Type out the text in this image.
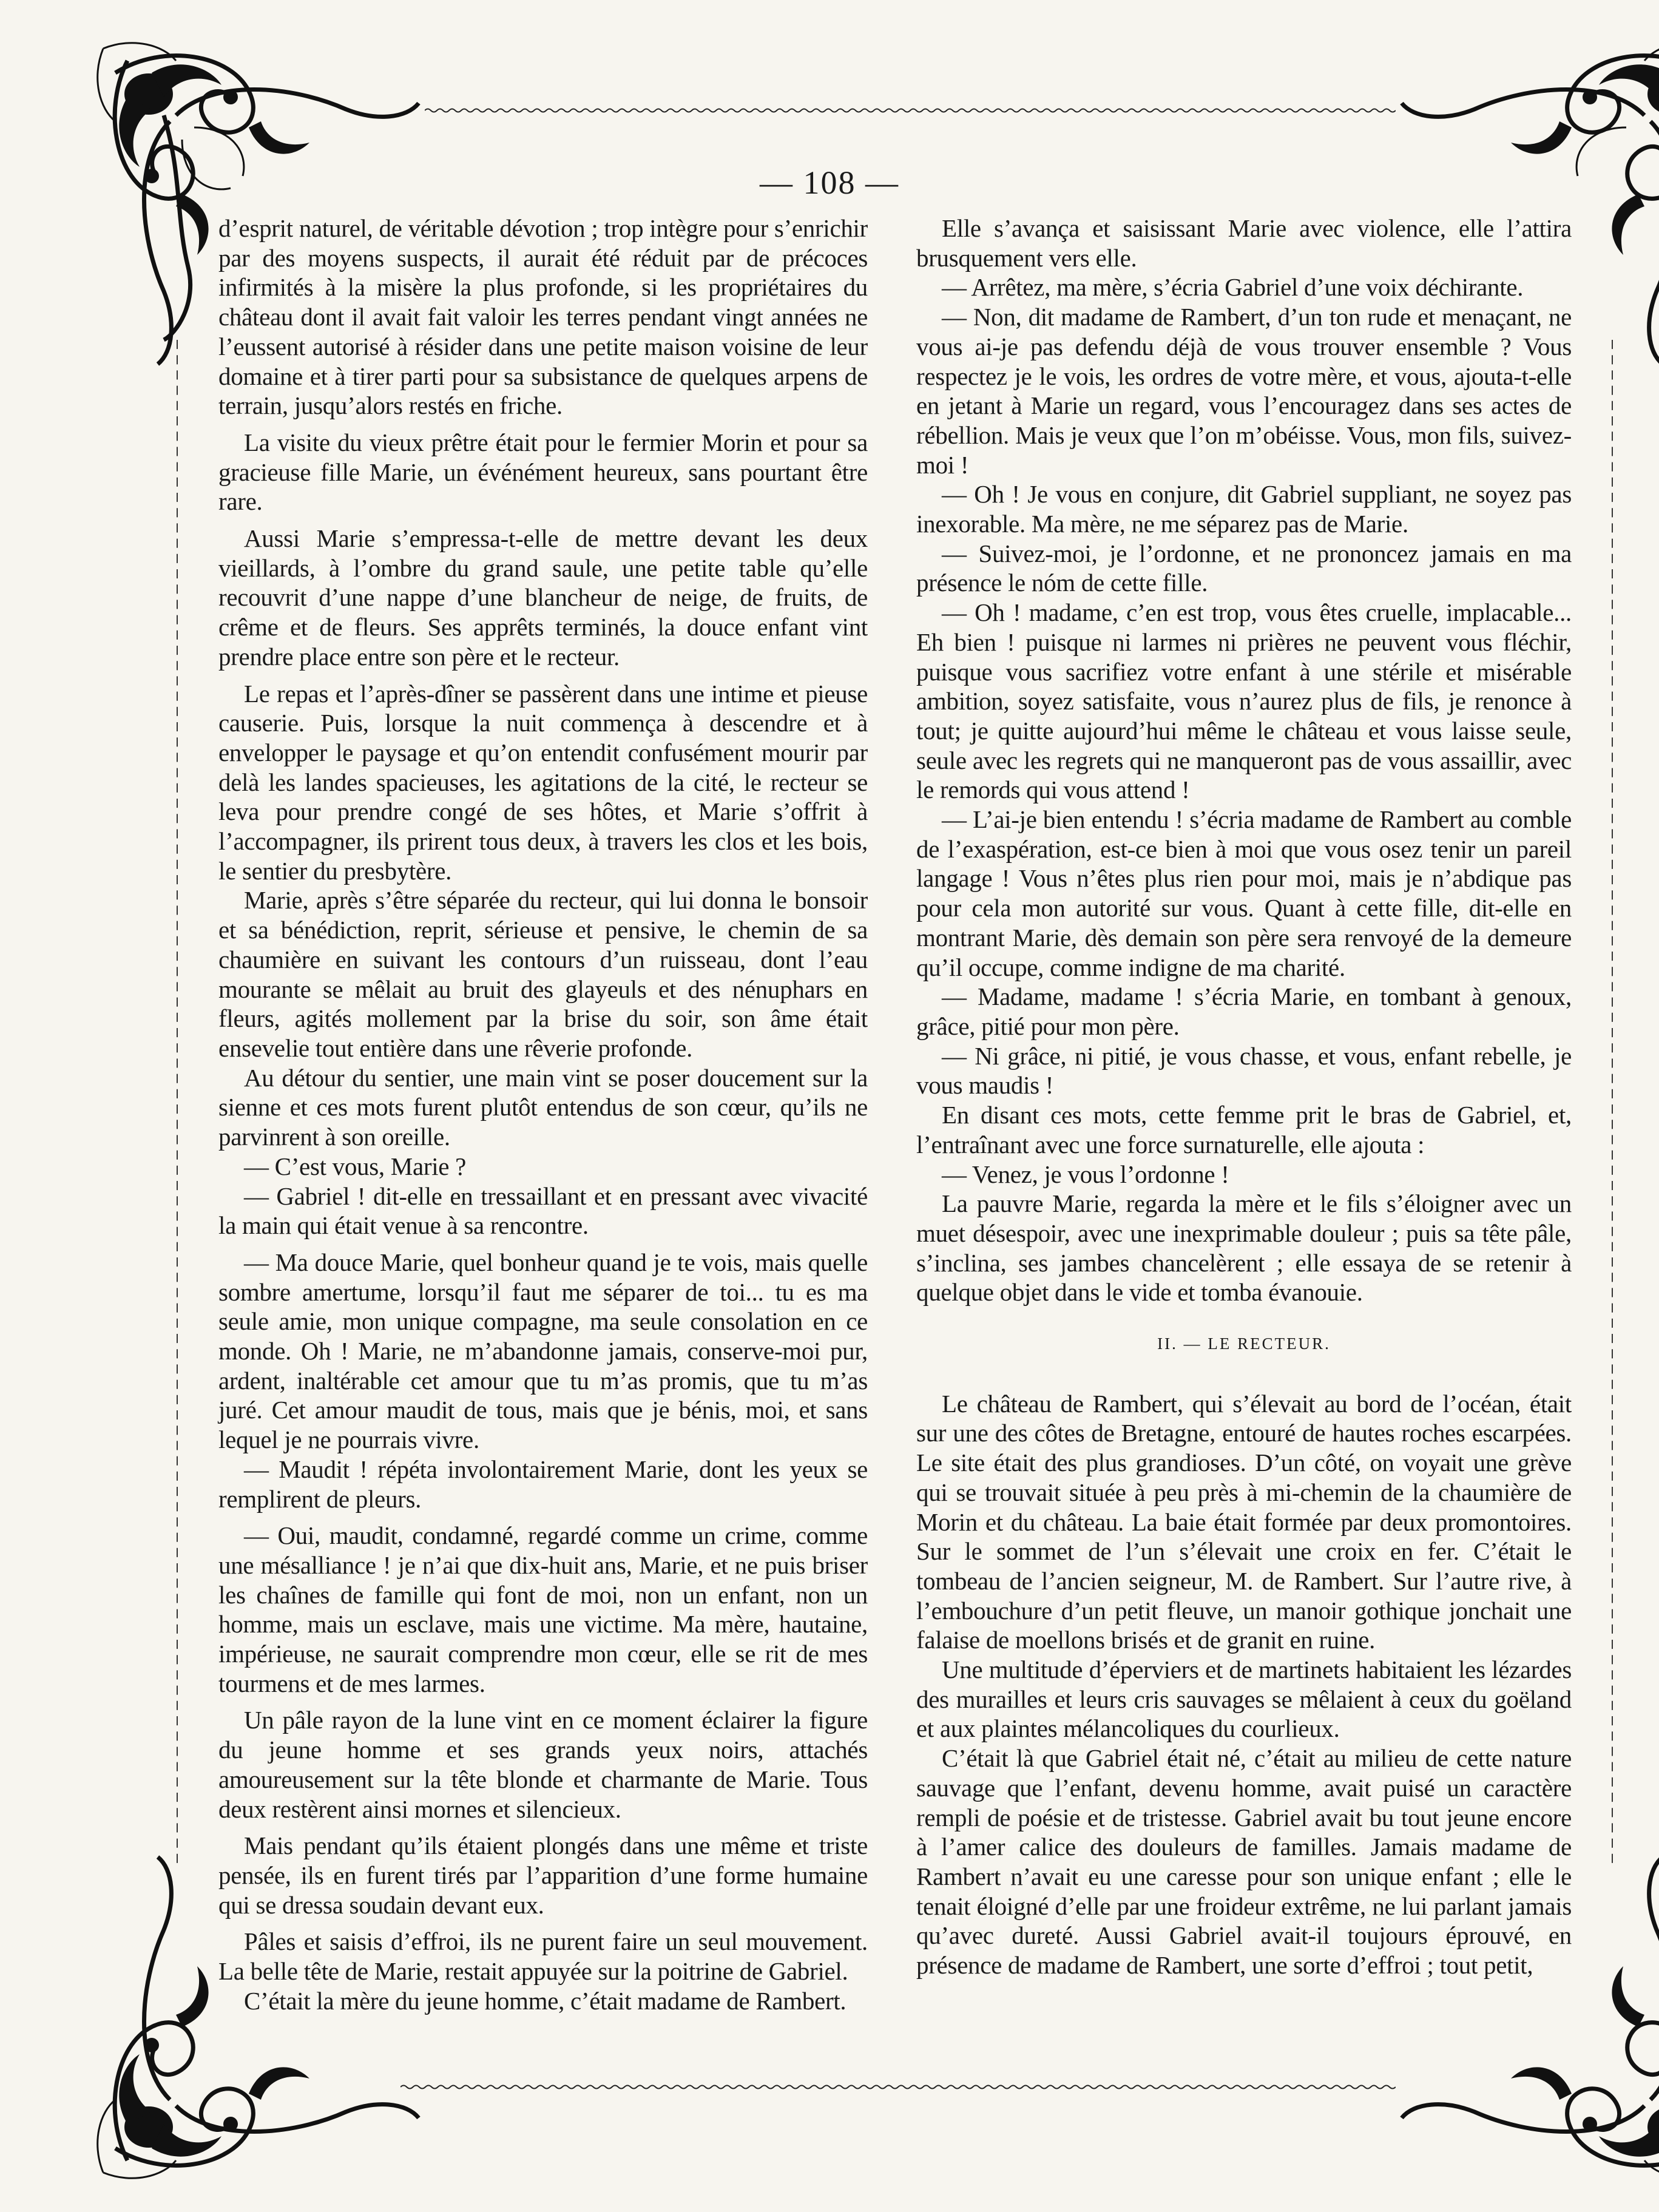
— 108 —

d’esprit naturel, de véritable dévotion ; trop intègre pour s’enrichir par des moyens suspects, il aurait été réduit par de précoces infirmités à la misère la plus profonde, si les propriétaires du château dont il avait fait valoir les terres pendant vingt années ne l’eussent autorisé à résider dans une petite maison voisine de leur domaine et à tirer parti pour sa subsistance de quelques arpens de terrain, jusqu’alors restés en friche.

La visite du vieux prêtre était pour le fermier Morin et pour sa gracieuse fille Marie, un événément heureux, sans pourtant être rare.

Aussi Marie s’empressa-t-elle de mettre devant les deux vieillards, à l’ombre du grand saule, une petite table qu’elle recouvrit d’une nappe d’une blancheur de neige, de fruits, de crême et de fleurs. Ses apprêts terminés, la douce enfant vint prendre place entre son père et le recteur.

Le repas et l’après-dîner se passèrent dans une intime et pieuse causerie. Puis, lorsque la nuit commença à descendre et à envelopper le paysage et qu’on entendit confusément mourir par delà les landes spacieuses, les agitations de la cité, le recteur se leva pour prendre congé de ses hôtes, et Marie s’offrit à l’accompagner, ils prirent tous deux, à travers les clos et les bois, le sentier du presbytère.

Marie, après s’être séparée du recteur, qui lui donna le bonsoir et sa bénédiction, reprit, sérieuse et pensive, le chemin de sa chaumière en suivant les contours d’un ruisseau, dont l’eau mourante se mêlait au bruit des glayeuls et des nénuphars en fleurs, agités mollement par la brise du soir, son âme était ensevelie tout entière dans une rêverie profonde.

Au détour du sentier, une main vint se poser doucement sur la sienne et ces mots furent plutôt entendus de son cœur, qu’ils ne parvinrent à son oreille.

— C’est vous, Marie ?

— Gabriel ! dit-elle en tressaillant et en pressant avec vivacité la main qui était venue à sa rencontre.

— Ma douce Marie, quel bonheur quand je te vois, mais quelle sombre amertume, lorsqu’il faut me séparer de toi... tu es ma seule amie, mon unique compagne, ma seule consolation en ce monde. Oh ! Marie, ne m’abandonne jamais, conserve-moi pur, ardent, inaltérable cet amour que tu m’as promis, que tu m’as juré. Cet amour maudit de tous, mais que je bénis, moi, et sans lequel je ne pourrais vivre.

— Maudit ! répéta involontairement Marie, dont les yeux se remplirent de pleurs.

— Oui, maudit, condamné, regardé comme un crime, comme une mésalliance ! je n’ai que dix-huit ans, Marie, et ne puis briser les chaînes de famille qui font de moi, non un enfant, non un homme, mais un esclave, mais une victime. Ma mère, hautaine, impérieuse, ne saurait comprendre mon cœur, elle se rit de mes tourmens et de mes larmes.

Un pâle rayon de la lune vint en ce moment éclairer la figure du jeune homme et ses grands yeux noirs, attachés amoureusement sur la tête blonde et charmante de Marie. Tous deux restèrent ainsi mornes et silencieux.

Mais pendant qu’ils étaient plongés dans une même et triste pensée, ils en furent tirés par l’apparition d’une forme humaine qui se dressa soudain devant eux.

Pâles et saisis d’effroi, ils ne purent faire un seul mouvement. La belle tête de Marie, restait appuyée sur la poitrine de Gabriel.

C’était la mère du jeune homme, c’était madame de Rambert.

Elle s’avança et saisissant Marie avec violence, elle l’attira brusquement vers elle.

— Arrêtez, ma mère, s’écria Gabriel d’une voix déchirante.

— Non, dit madame de Rambert, d’un ton rude et menaçant, ne vous ai-je pas defendu déjà de vous trouver ensemble ? Vous respectez je le vois, les ordres de votre mère, et vous, ajouta-t-elle en jetant à Marie un regard, vous l’encouragez dans ses actes de rébellion. Mais je veux que l’on m’obéisse. Vous, mon fils, suivez-moi !

— Oh ! Je vous en conjure, dit Gabriel suppliant, ne soyez pas inexorable. Ma mère, ne me séparez pas de Marie.

— Suivez-moi, je l’ordonne, et ne prononcez jamais en ma présence le nóm de cette fille.

— Oh ! madame, c’en est trop, vous êtes cruelle, implacable... Eh bien ! puisque ni larmes ni prières ne peuvent vous fléchir, puisque vous sacrifiez votre enfant à une stérile et misérable ambition, soyez satisfaite, vous n’aurez plus de fils, je renonce à tout; je quitte aujourd’hui même le château et vous laisse seule, seule avec les regrets qui ne manqueront pas de vous assaillir, avec le remords qui vous attend !

— L’ai-je bien entendu ! s’écria madame de Rambert au comble de l’exaspération, est-ce bien à moi que vous osez tenir un pareil langage ! Vous n’êtes plus rien pour moi, mais je n’abdique pas pour cela mon autorité sur vous. Quant à cette fille, dit-elle en montrant Marie, dès demain son père sera renvoyé de la demeure qu’il occupe, comme indigne de ma charité.

— Madame, madame ! s’écria Marie, en tombant à genoux, grâce, pitié pour mon père.

— Ni grâce, ni pitié, je vous chasse, et vous, enfant rebelle, je vous maudis !

En disant ces mots, cette femme prit le bras de Gabriel, et, l’entraînant avec une force surnaturelle, elle ajouta :

— Venez, je vous l’ordonne !

La pauvre Marie, regarda la mère et le fils s’éloigner avec un muet désespoir, avec une inexprimable douleur ; puis sa tête pâle, s’inclina, ses jambes chancelèrent ; elle essaya de se retenir à quelque objet dans le vide et tomba évanouie.

II. — LE RECTEUR.

Le château de Rambert, qui s’élevait au bord de l’océan, était sur une des côtes de Bretagne, entouré de hautes roches escarpées. Le site était des plus grandioses. D’un côté, on voyait une grève qui se trouvait située à peu près à mi-chemin de la chaumière de Morin et du château. La baie était formée par deux promontoires. Sur le sommet de l’un s’élevait une croix en fer. C’était le tombeau de l’ancien seigneur, M. de Rambert. Sur l’autre rive, à l’embouchure d’un petit fleuve, un manoir gothique jonchait une falaise de moellons brisés et de granit en ruine.

Une multitude d’éperviers et de martinets habitaient les lézardes des murailles et leurs cris sauvages se mêlaient à ceux du goëland et aux plaintes mélancoliques du courlieux.

C’était là que Gabriel était né, c’était au milieu de cette nature sauvage que l’enfant, devenu homme, avait puisé un caractère rempli de poésie et de tristesse. Gabriel avait bu tout jeune encore à l’amer calice des douleurs de familles. Jamais madame de Rambert n’avait eu une caresse pour son unique enfant ; elle le tenait éloigné d’elle par une froideur extrême, ne lui parlant jamais qu’avec dureté. Aussi Gabriel avait-il toujours éprouvé, en présence de madame de Rambert, une sorte d’effroi ; tout petit,
